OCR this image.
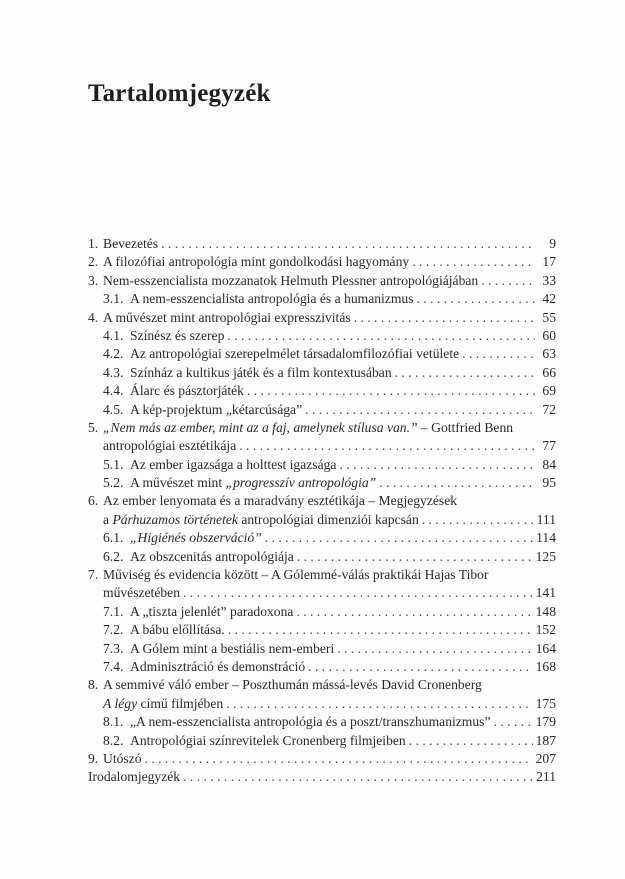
Tartalomjegyzék
1. Bevezetés . . .	9
2. A filozófiai antropológia mint gondolkodási hagyomány . . .	17
3. Nem-esszencialista mozzanatok Helmuth Plessner antropológiájában . . .	33
3.1. A nem-esszencialista antropológia és a humanizmus . . .	42
4. A művészet mint antropológiai expresszivitás . . .	55
4.1. Színész és szerep . . .	60
4.2. Az antropológiai szerepelmélet társadalomfilozófiai vetülete . . .	63
4.3. Színház a kultikus játék és a film kontextusában . . .	66
4.4. Álarc és pásztorjáték . . .	69
4.5. A kép-projektum „kétarcúsága” . . .	72
5. „Nem más az ember, mint az a faj, amelynek stílusa van.” – Gottfried Benn
antropológiai esztétikája . . .	77
5.1. Az ember igazsága a holttest igazsága . . .	84
5.2. A művészet mint „progresszív antropológia” . . .	95
6. Az ember lenyomata és a maradvány esztétikája – Megjegyzések
a Párhuzamos történetek antropológiai dimenziói kapcsán . . .	111
6.1. „Higiénés obszerváció” . . .	114
6.2. Az obszcenitás antropológiája . . .	125
7. Műviség és evidencia között – A Gólemmé-válás praktikái Hajas Tibor
művészetében . . .	141
7.1. A „tiszta jelenlét” paradoxona . . .	148
7.2. A bábu előllítása. . . .	152
7.3. A Gólem mint a bestiális nem-emberi . . .	164
7.4. Adminisztráció és demonstráció . . .	168
8. A semmivé váló ember – Poszthumán mássá-levés David Cronenberg
A légy című filmjében . . .	175
8.1. „A nem-esszencialista antropológia és a poszt/transzhumanizmus” . . .	179
8.2. Antropológiai színrevitelek Cronenberg filmjeiben . . .	187
9. Utószó . . .	207
Irodalomjegyzék . . .	211
